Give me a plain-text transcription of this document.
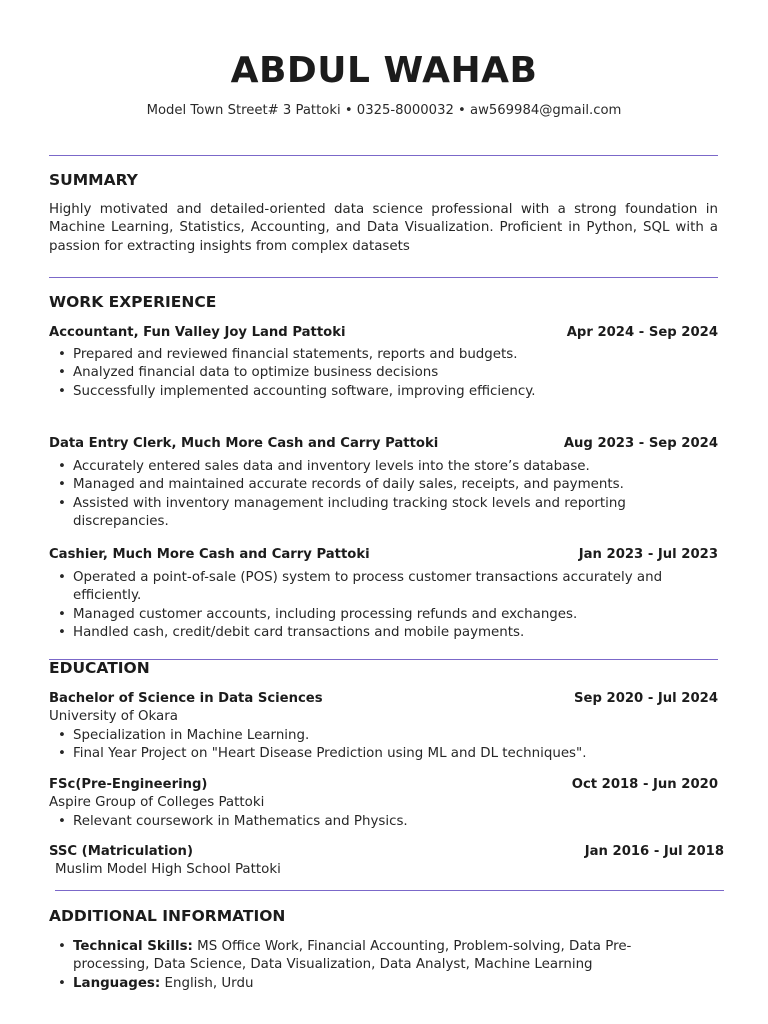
ABDUL WAHAB
Model Town Street# 3 Pattoki • 0325-8000032 • aw569984@gmail.com
SUMMARY
Highly motivated and detailed-oriented data science professional with a strong foundation in Machine Learning, Statistics, Accounting, and Data Visualization. Proficient in Python, SQL with a passion for extracting insights from complex datasets
WORK EXPERIENCE
Accountant, Fun Valley Joy Land Pattoki	Apr 2024 - Sep 2024
• Prepared and reviewed financial statements, reports and budgets.
• Analyzed financial data to optimize business decisions
• Successfully implemented accounting software, improving efficiency.
Data Entry Clerk, Much More Cash and Carry Pattoki	Aug 2023 - Sep 2024
• Accurately entered sales data and inventory levels into the store’s database.
• Managed and maintained accurate records of daily sales, receipts, and payments.
• Assisted with inventory management including tracking stock levels and reporting discrepancies.
Cashier, Much More Cash and Carry Pattoki	Jan 2023 - Jul 2023
• Operated a point-of-sale (POS) system to process customer transactions accurately and efficiently.
• Managed customer accounts, including processing refunds and exchanges.
• Handled cash, credit/debit card transactions and mobile payments.
EDUCATION
Bachelor of Science in Data Sciences	Sep 2020 - Jul 2024
University of Okara
• Specialization in Machine Learning.
• Final Year Project on "Heart Disease Prediction using ML and DL techniques".
FSc(Pre-Engineering)	Oct 2018 - Jun 2020
Aspire Group of Colleges Pattoki
• Relevant coursework in Mathematics and Physics.
SSC (Matriculation)	Jan 2016 - Jul 2018
Muslim Model High School Pattoki
ADDITIONAL INFORMATION
• Technical Skills: MS Office Work, Financial Accounting, Problem-solving, Data Pre-processing, Data Science, Data Visualization, Data Analyst, Machine Learning
• Languages: English, Urdu
